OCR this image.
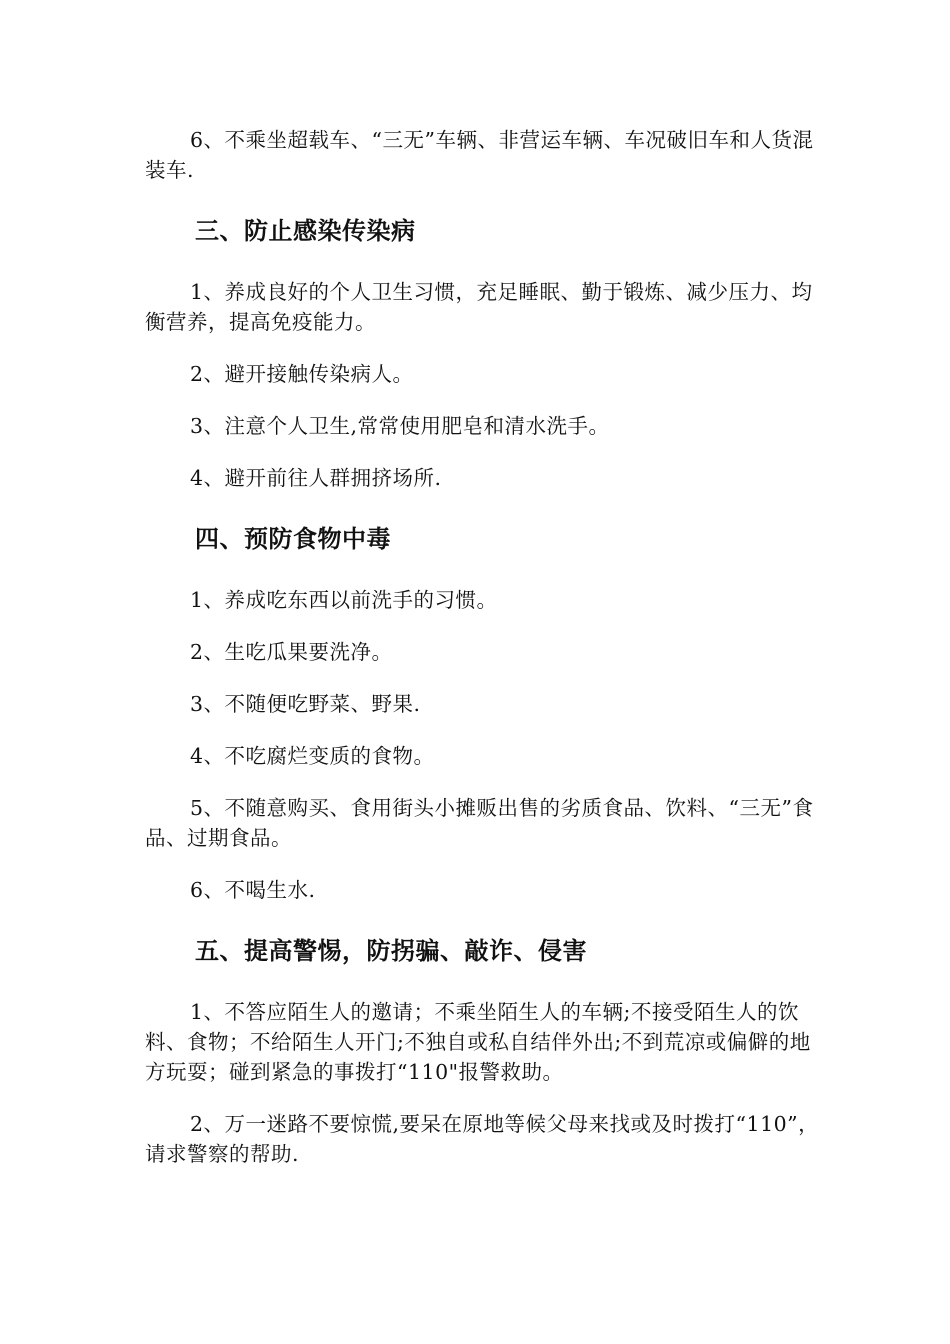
6、不乘坐超载车、“三无”车辆、非营运车辆、车况破旧车和人货混装车.

三、防止感染传染病

1、养成良好的个人卫生习惯，充足睡眠、勤于锻炼、减少压力、均衡营养，提高免疫能力。

2、避开接触传染病人。

3、注意个人卫生,常常使用肥皂和清水洗手。

4、避开前往人群拥挤场所.

四、预防食物中毒

1、养成吃东西以前洗手的习惯。

2、生吃瓜果要洗净。

3、不随便吃野菜、野果.

4、不吃腐烂变质的食物。

5、不随意购买、食用街头小摊贩出售的劣质食品、饮料、“三无”食品、过期食品。

6、不喝生水.

五、提高警惕，防拐骗、敲诈、侵害

1、不答应陌生人的邀请；不乘坐陌生人的车辆;不接受陌生人的饮料、食物；不给陌生人开门;不独自或私自结伴外出;不到荒凉或偏僻的地方玩耍；碰到紧急的事拨打“110"报警救助。

2、万一迷路不要惊慌,要呆在原地等候父母来找或及时拨打“110”，请求警察的帮助.
